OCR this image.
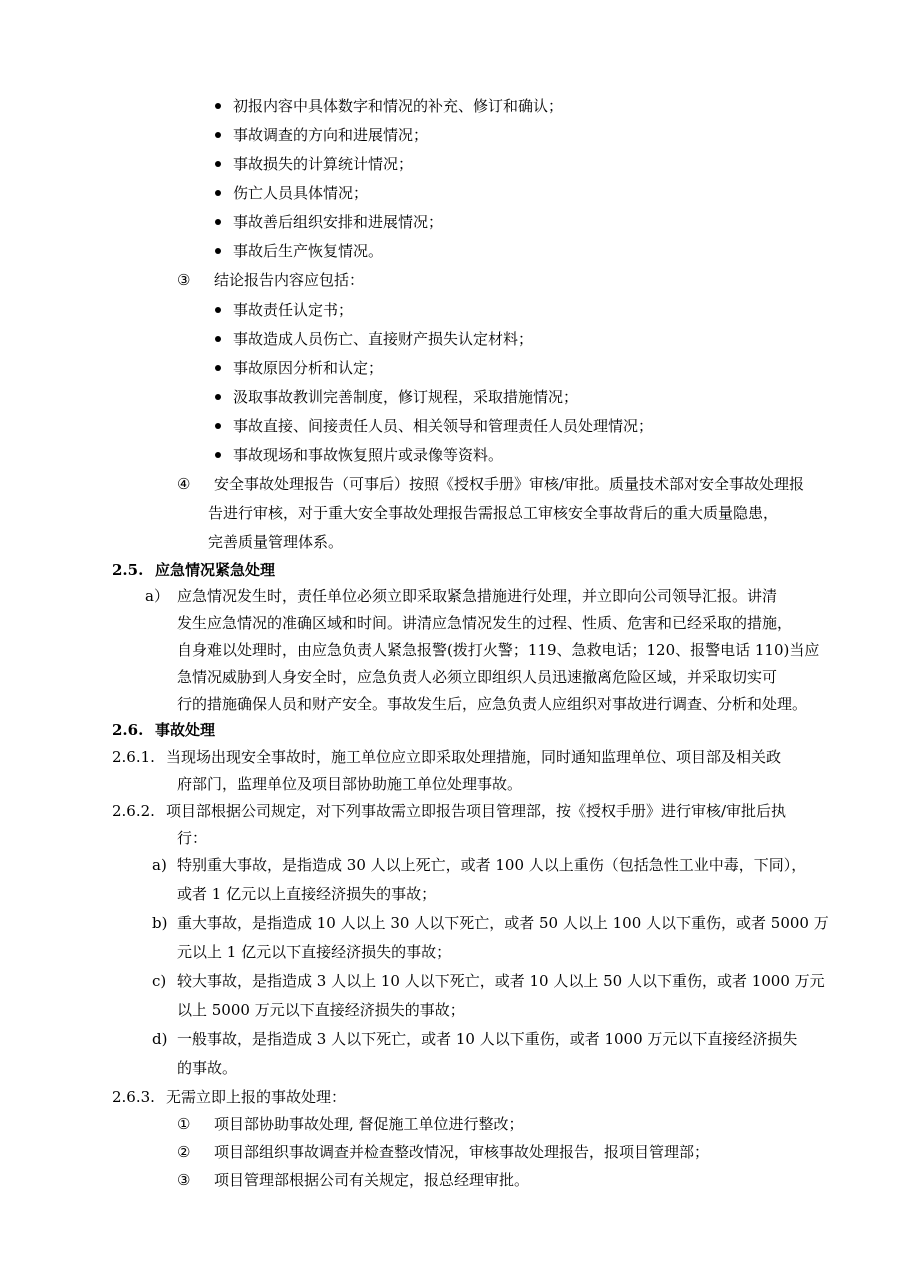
初报内容中具体数字和情况的补充、修订和确认；
事故调查的方向和进展情况；
事故损失的计算统计情况；
伤亡人员具体情况；
事故善后组织安排和进展情况；
事故后生产恢复情况。
③ 结论报告内容应包括：
事故责任认定书；
事故造成人员伤亡、直接财产损失认定材料；
事故原因分析和认定；
汲取事故教训完善制度，修订规程，采取措施情况；
事故直接、间接责任人员、相关领导和管理责任人员处理情况；
事故现场和事故恢复照片或录像等资料。
④ 安全事故处理报告（可事后）按照《授权手册》审核/审批。质量技术部对安全事故处理报
告进行审核，对于重大安全事故处理报告需报总工审核安全事故背后的重大质量隐患，
完善质量管理体系。
2.5. 应急情况紧急处理
a） 应急情况发生时，责任单位必须立即采取紧急措施进行处理，并立即向公司领导汇报。讲清
发生应急情况的准确区域和时间。讲清应急情况发生的过程、性质、危害和已经采取的措施，
自身难以处理时，由应急负责人紧急报警(拨打火警；119、急救电话；120、报警电话 110)当应
急情况威胁到人身安全时，应急负责人必须立即组织人员迅速撤离危险区域，并采取切实可
行的措施确保人员和财产安全。事故发生后，应急负责人应组织对事故进行调查、分析和处理。
2.6. 事故处理
2.6.1. 当现场出现安全事故时，施工单位应立即采取处理措施，同时通知监理单位、项目部及相关政
府部门，监理单位及项目部协助施工单位处理事故。
2.6.2. 项目部根据公司规定，对下列事故需立即报告项目管理部，按《授权手册》进行审核/审批后执
行：
a) 特别重大事故，是指造成 30 人以上死亡，或者 100 人以上重伤（包括急性工业中毒，下同），
或者 1 亿元以上直接经济损失的事故；
b) 重大事故，是指造成 10 人以上 30 人以下死亡，或者 50 人以上 100 人以下重伤，或者 5000 万
元以上 1 亿元以下直接经济损失的事故；
c) 较大事故，是指造成 3 人以上 10 人以下死亡，或者 10 人以上 50 人以下重伤，或者 1000 万元
以上 5000 万元以下直接经济损失的事故；
d) 一般事故，是指造成 3 人以下死亡，或者 10 人以下重伤，或者 1000 万元以下直接经济损失
的事故。
2.6.3. 无需立即上报的事故处理：
① 项目部协助事故处理, 督促施工单位进行整改；
② 项目部组织事故调查并检查整改情况，审核事故处理报告，报项目管理部；
③ 项目管理部根据公司有关规定，报总经理审批。
